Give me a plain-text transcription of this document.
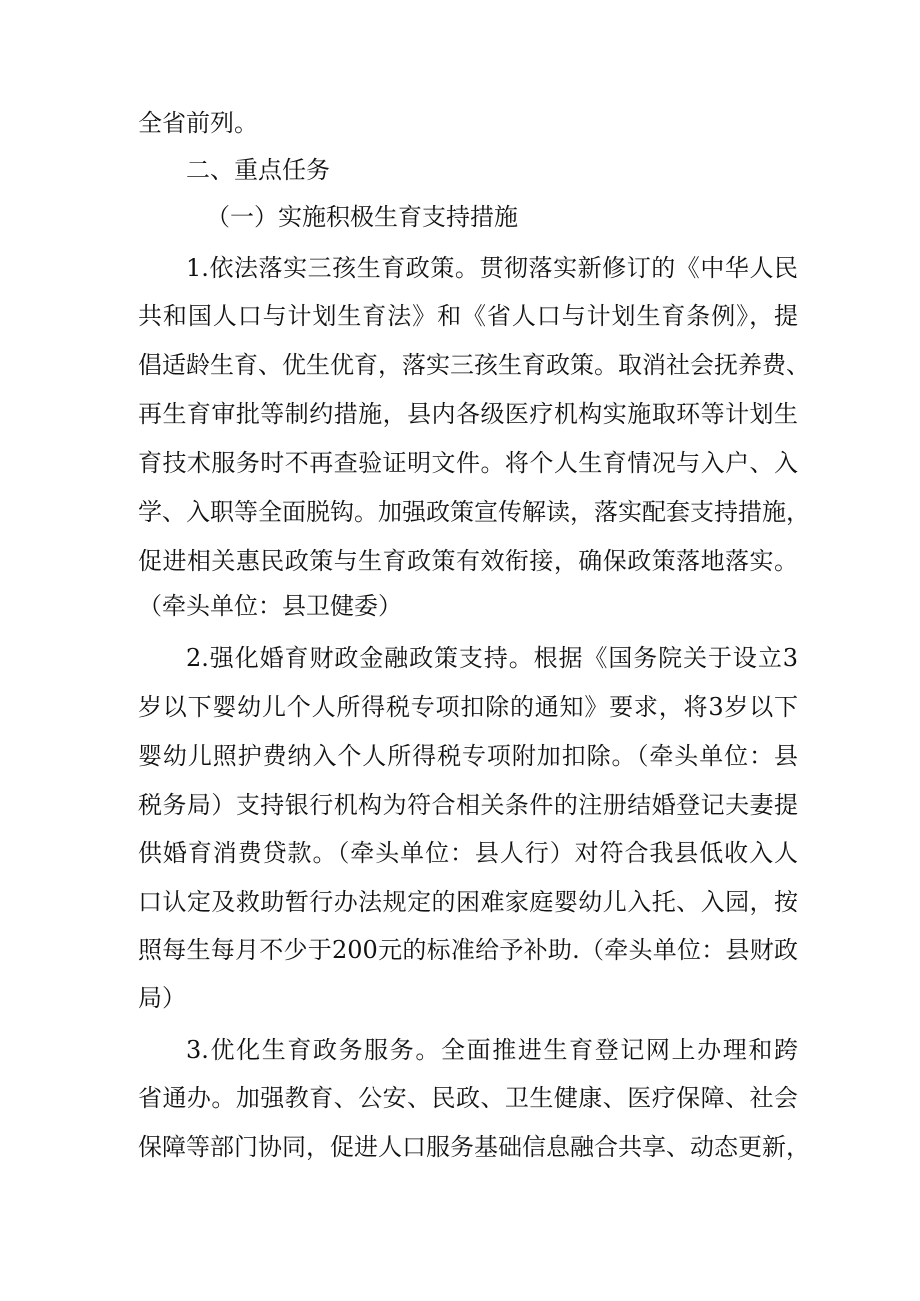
全省前列。
二、重点任务
（一）实施积极生育支持措施
1.依法落实三孩生育政策。贯彻落实新修订的《中华人民
共和国人口与计划生育法》和《省人口与计划生育条例》，提
倡适龄生育、优生优育，落实三孩生育政策。取消社会抚养费、
再生育审批等制约措施，县内各级医疗机构实施取环等计划生
育技术服务时不再查验证明文件。将个人生育情况与入户、入
学、入职等全面脱钩。加强政策宣传解读，落实配套支持措施，
促进相关惠民政策与生育政策有效衔接，确保政策落地落实。
（牵头单位：县卫健委）
2.强化婚育财政金融政策支持。根据《国务院关于设立3
岁以下婴幼儿个人所得税专项扣除的通知》要求，将3岁以下
婴幼儿照护费纳入个人所得税专项附加扣除。（牵头单位：县
税务局）支持银行机构为符合相关条件的注册结婚登记夫妻提
供婚育消费贷款。（牵头单位：县人行）对符合我县低收入人
口认定及救助暂行办法规定的困难家庭婴幼儿入托、入园，按
照每生每月不少于200元的标准给予补助.（牵头单位：县财政
局）
3.优化生育政务服务。全面推进生育登记网上办理和跨
省通办。加强教育、公安、民政、卫生健康、医疗保障、社会
保障等部门协同，促进人口服务基础信息融合共享、动态更新，
